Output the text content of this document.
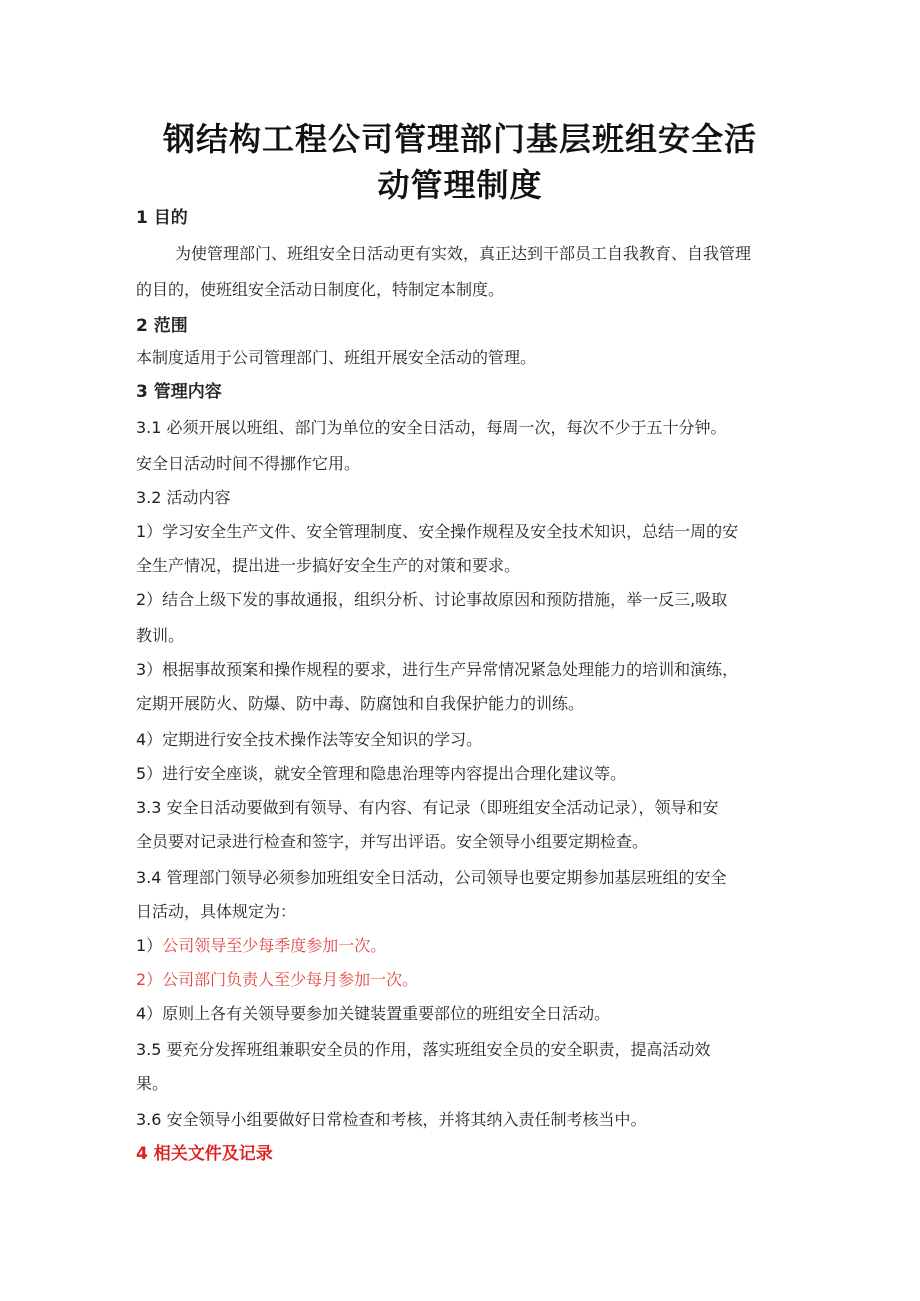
钢结构工程公司管理部门基层班组安全活
动管理制度
1 目的
为使管理部门、班组安全日活动更有实效，真正达到干部员工自我教育、自我管理
的目的，使班组安全活动日制度化，特制定本制度。
2 范围
本制度适用于公司管理部门、班组开展安全活动的管理。
3 管理内容
3.1 必须开展以班组、部门为单位的安全日活动，每周一次，每次不少于五十分钟。
安全日活动时间不得挪作它用。
3.2 活动内容
1）学习安全生产文件、安全管理制度、安全操作规程及安全技术知识，总结一周的安
全生产情况，提出进一步搞好安全生产的对策和要求。
2）结合上级下发的事故通报，组织分析、讨论事故原因和预防措施，举一反三,吸取
教训。
3）根据事故预案和操作规程的要求，进行生产异常情况紧急处理能力的培训和演练，
定期开展防火、防爆、防中毒、防腐蚀和自我保护能力的训练。
4）定期进行安全技术操作法等安全知识的学习。
5）进行安全座谈，就安全管理和隐患治理等内容提出合理化建议等。
3.3 安全日活动要做到有领导、有内容、有记录（即班组安全活动记录），领导和安
全员要对记录进行检查和签字，并写出评语。安全领导小组要定期检查。
3.4 管理部门领导必须参加班组安全日活动，公司领导也要定期参加基层班组的安全
日活动，具体规定为：
1）公司领导至少每季度参加一次。
2）公司部门负责人至少每月参加一次。
4）原则上各有关领导要参加关键装置重要部位的班组安全日活动。
3.5 要充分发挥班组兼职安全员的作用，落实班组安全员的安全职责，提高活动效
果。
3.6 安全领导小组要做好日常检查和考核，并将其纳入责任制考核当中。
4 相关文件及记录
